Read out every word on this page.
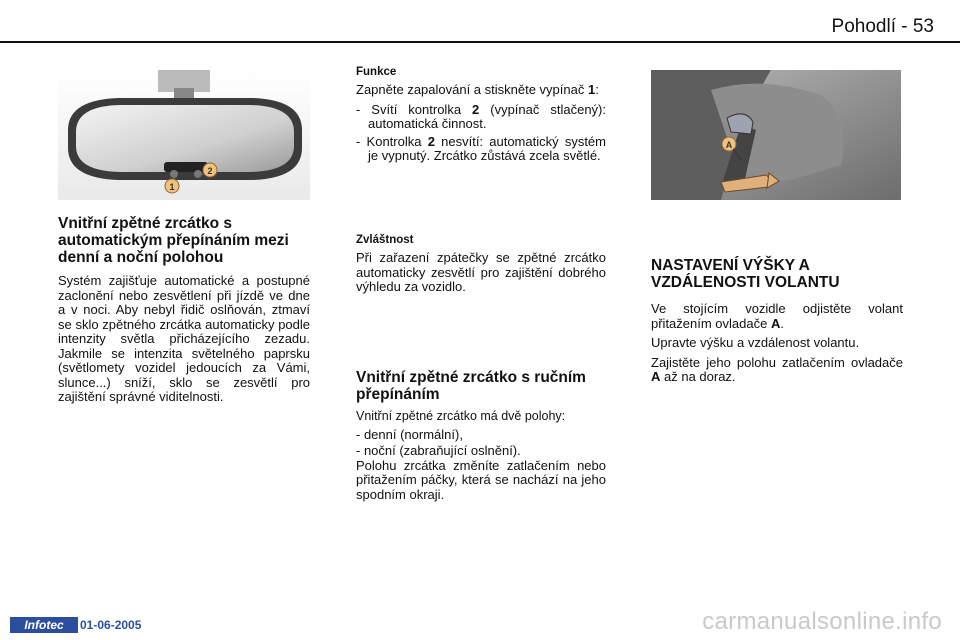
Pohodlí - 53
1
2
Vnitřní zpětné zrcátko s automatickým přepínáním mezi denní a noční polohou

Systém zajišťuje automatické a postupné zaclonění nebo zesvětlení při jízdě ve dne a v noci. Aby nebyl řidič oslňován, ztmaví se sklo zpětného zrcátka automaticky podle intenzity světla přicházejícího zezadu. Jakmile se intenzita světelného paprsku (světlomety vozidel jedoucích za Vámi, slunce...) sníží, sklo se zesvětlí pro zajištění správné viditelnosti.

Funkce

Zapněte zapalování a stiskněte vypínač 1:

- Svítí kontrolka 2 (vypínač stlačený): automatická činnost.

- Kontrolka 2 nesvítí: automatický systém je vypnutý. Zrcátko zůstává zcela světlé.

Zvláštnost

Při zařazení zpátečky se zpětné zrcátko automaticky zesvětlí pro zajištění dobrého výhledu za vozidlo.

Vnitřní zpětné zrcátko s ručním přepínáním

Vnitřní zpětné zrcátko má dvě polohy:

- denní (normální),

- noční (zabraňující oslnění).

Polohu zrcátka změníte zatlačením nebo přitažením páčky, která se nachází na jeho spodním okraji.

A
NASTAVENÍ VÝŠKY A VZDÁLENOSTI VOLANTU

Ve stojícím vozidle odjistěte volant přitažením ovladače A.

Upravte výšku a vzdálenost volantu.

Zajistěte jeho polohu zatlačením ovladače A až na doraz.

Infotec	01-06-2005	carmanualsonline.info
